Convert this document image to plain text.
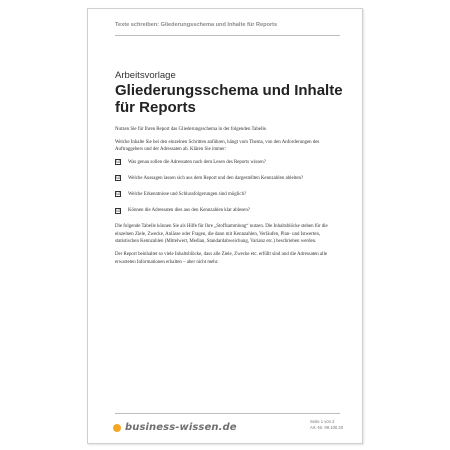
Texte schreiben: Gliederungsschema und Inhalte für Reports
Arbeitsvorlage
Gliederungsschema und Inhalte für Reports

Nutzen Sie für Ihren Report das Gliederungsschema in der folgenden Tabelle.

Welche Inhalte Sie bei den einzelnen Schritten anführen, hängt vom Thema, von den Anforderungen des Auftraggebers und der Adressaten ab. Klären Sie immer:

☑ Was genau sollen die Adressaten nach dem Lesen des Reports wissen?
☑ Welche Aussagen lassen sich aus dem Report und den dargestellten Kennzahlen ableiten?
☑ Welche Erkenntnisse und Schlussfolgerungen sind möglich?
☑ Können die Adressaten dies aus den Kennzahlen klar ablesen?

Die folgende Tabelle können Sie als Hilfe für Ihre „Stoffsammlung“ nutzen. Die Inhaltsblöcke stehen für die einzelnen Ziele, Zwecke, Anlässe oder Fragen, die dann mit Kennzahlen, Verläufen, Plan- und Istwerten, statistischen Kennzahlen (Mittelwert, Median, Standardabweichung, Varianz etc.) beschrieben werden.

Der Report beinhaltet so viele Inhaltsblöcke, dass alle Ziele, Zwecke etc. erfüllt sind und die Adressaten alle erwarteten Informationen erhalten – aber nicht mehr.

business-wissen.de
Seite 1 von 2
Art.-Nr. 99.100.20
